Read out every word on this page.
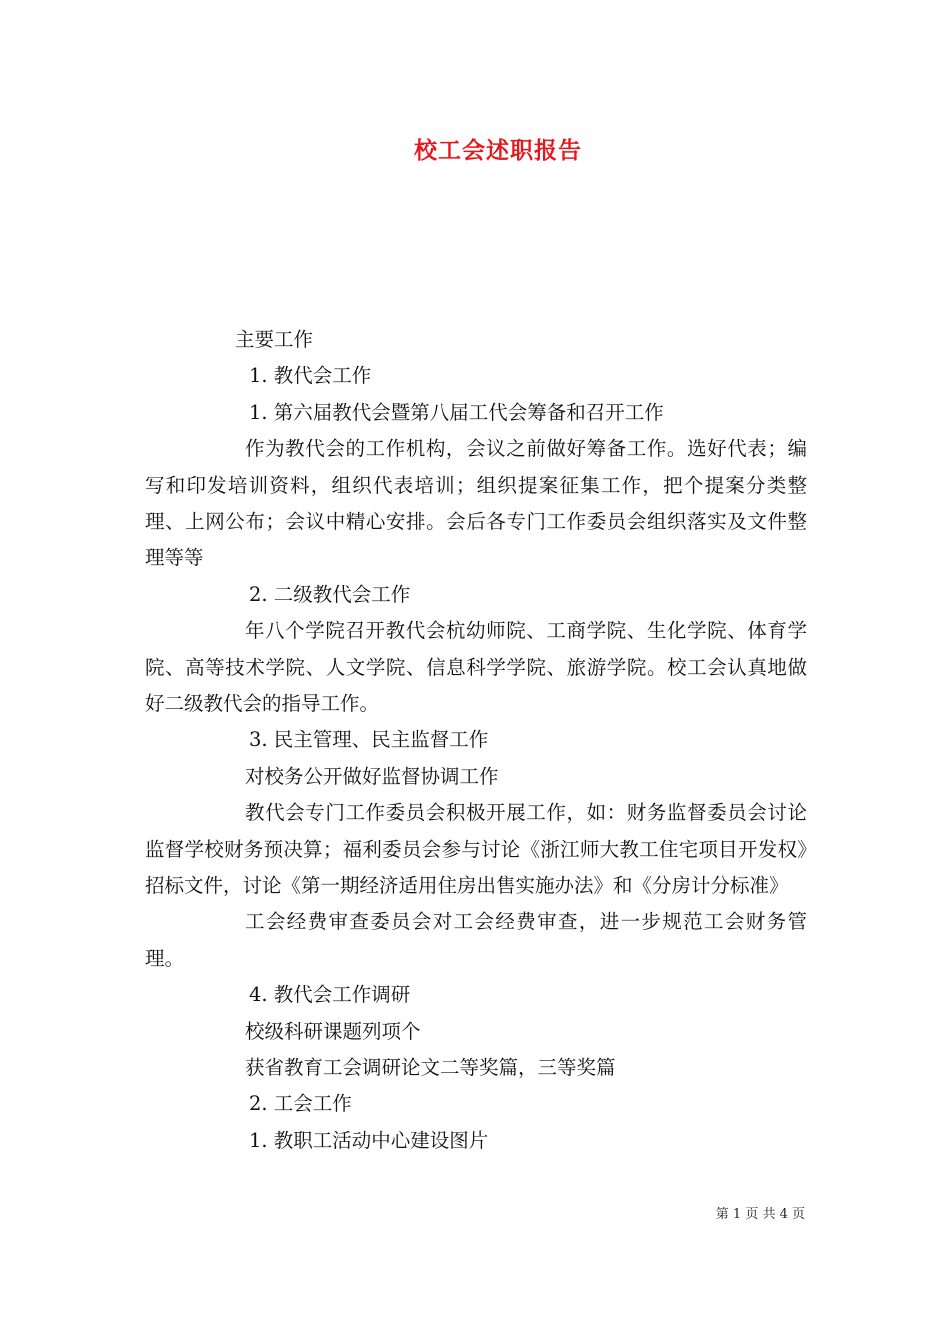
校工会述职报告
主要工作
1. 教代会工作
1. 第六届教代会暨第八届工代会筹备和召开工作
作为教代会的工作机构，会议之前做好筹备工作。选好代表；编写和印发培训资料，组织代表培训；组织提案征集工作，把个提案分类整理、上网公布；会议中精心安排。会后各专门工作委员会组织落实及文件整理等等
2. 二级教代会工作
年八个学院召开教代会杭幼师院、工商学院、生化学院、体育学院、高等技术学院、人文学院、信息科学学院、旅游学院。校工会认真地做好二级教代会的指导工作。
3. 民主管理、民主监督工作
对校务公开做好监督协调工作
教代会专门工作委员会积极开展工作，如：财务监督委员会讨论监督学校财务预决算；福利委员会参与讨论《浙江师大教工住宅项目开发权》招标文件，讨论《第一期经济适用住房出售实施办法》和《分房计分标准》
工会经费审查委员会对工会经费审查，进一步规范工会财务管理。
4. 教代会工作调研
校级科研课题列项个
获省教育工会调研论文二等奖篇，三等奖篇
2. 工会工作
1. 教职工活动中心建设图片
第 1 页 共 4 页
